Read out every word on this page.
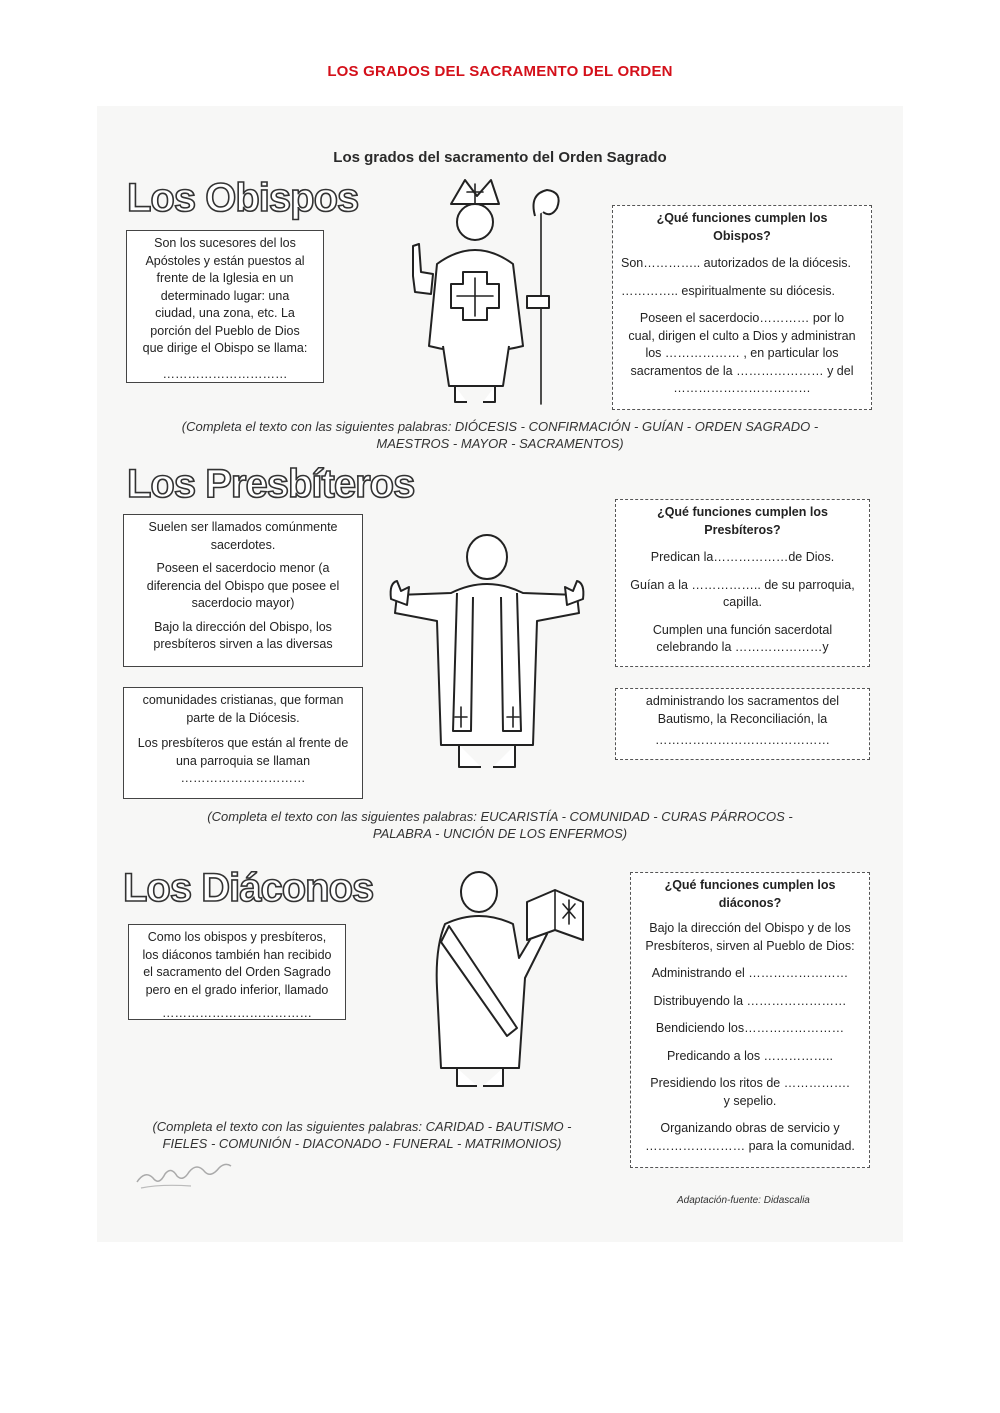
LOS GRADOS DEL SACRAMENTO DEL ORDEN
Los grados del sacramento del Orden Sagrado
Los Obispos

Son los sucesores del los

Apóstoles y están puestos al

frente de la Iglesia en un

determinado lugar: una

ciudad, una zona, etc. La

porción del Pueblo de Dios

que dirige el Obispo se llama:

…………………………

¿Qué funciones cumplen los

Obispos?

Son………….. autorizados de la diócesis.

………….. espiritualmente su diócesis.

Poseen el sacerdocio………… por lo

cual, dirigen el culto a Dios y administran

los ……………… , en particular los

sacramentos de la ………………… y del

……………………………

(Completa el texto con las siguientes palabras: DIÓCESIS - CONFIRMACIÓN - GUÍAN - ORDEN SAGRADO -
MAESTROS - MAYOR - SACRAMENTOS)
Los Presbíteros

Suelen ser llamados comúnmente

sacerdotes.

Poseen el sacerdocio menor (a

diferencia del Obispo que posee el

sacerdocio mayor)

Bajo la dirección del Obispo, los

presbíteros sirven a las diversas

comunidades cristianas, que forman

parte de la Diócesis.

Los presbíteros que están al frente de

una parroquia se llaman

…………………………

¿Qué funciones cumplen los

Presbíteros?

Predican la………………de Dios.

Guían a la …………….. de su parroquia,

capilla.

Cumplen una función sacerdotal

celebrando la …………………y

administrando los sacramentos del

Bautismo, la Reconciliación, la

……………………………………

(Completa el texto con las siguientes palabras: EUCARISTÍA - COMUNIDAD - CURAS PÁRROCOS -
PALABRA - UNCIÓN DE LOS ENFERMOS)
Los Diáconos

Como los obispos y presbíteros,

los diáconos también han recibido

el sacramento del Orden Sagrado

pero en el grado inferior, llamado

………………………………

¿Qué funciones cumplen los

diáconos?

Bajo la dirección del Obispo y de los

Presbíteros, sirven al Pueblo de Dios:

Administrando el ……………………

Distribuyendo la ……………………

Bendiciendo los……………………

Predicando a los ……………..

Presidiendo los ritos de …………….

y sepelio.

Organizando obras de servicio y

…………………… para la comunidad.

(Completa el texto con las siguientes palabras: CARIDAD - BAUTISMO -
FIELES - COMUNIÓN - DIACONADO - FUNERAL - MATRIMONIOS)
Adaptación-fuente: Didascalia
